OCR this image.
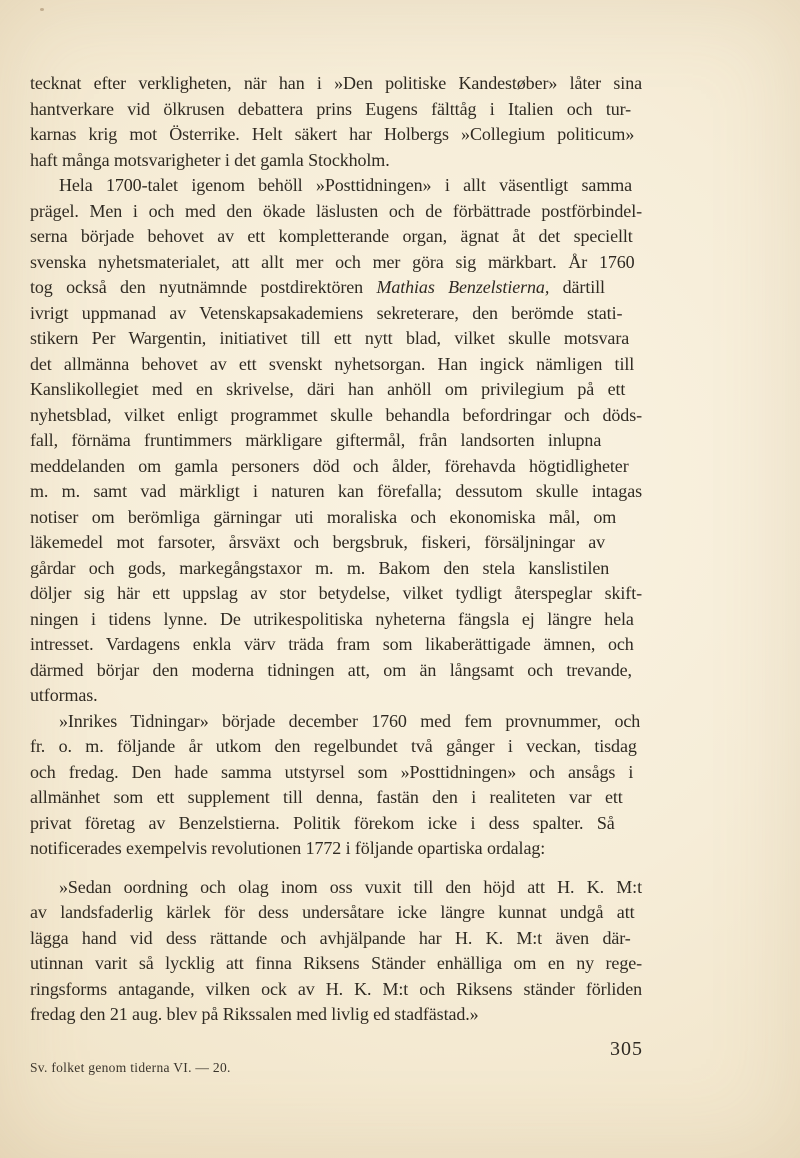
tecknat efter verkligheten, när han i »Den politiske Kandestøber» låter sina
hantverkare vid ölkrusen debattera prins Eugens fälttåg i Italien och tur-
karnas krig mot Österrike. Helt säkert har Holbergs »Collegium politicum»
haft många motsvarigheter i det gamla Stockholm.
Hela 1700-talet igenom behöll »Posttidningen» i allt väsentligt samma
prägel. Men i och med den ökade läslusten och de förbättrade postförbindel-
serna började behovet av ett kompletterande organ, ägnat åt det speciellt
svenska nyhetsmaterialet, att allt mer och mer göra sig märkbart. År 1760
tog också den nyutnämnde postdirektören Mathias Benzelstierna, därtill
ivrigt uppmanad av Vetenskapsakademiens sekreterare, den berömde stati-
stikern Per Wargentin, initiativet till ett nytt blad, vilket skulle motsvara
det allmänna behovet av ett svenskt nyhetsorgan. Han ingick nämligen till
Kanslikollegiet med en skrivelse, däri han anhöll om privilegium på ett
nyhetsblad, vilket enligt programmet skulle behandla befordringar och döds-
fall, förnäma fruntimmers märkligare giftermål, från landsorten inlupna
meddelanden om gamla personers död och ålder, förehavda högtidligheter
m. m. samt vad märkligt i naturen kan förefalla; dessutom skulle intagas
notiser om berömliga gärningar uti moraliska och ekonomiska mål, om
läkemedel mot farsoter, årsväxt och bergsbruk, fiskeri, försäljningar av
gårdar och gods, markegångstaxor m. m. Bakom den stela kanslistilen
döljer sig här ett uppslag av stor betydelse, vilket tydligt återspeglar skift-
ningen i tidens lynne. De utrikespolitiska nyheterna fängsla ej längre hela
intresset. Vardagens enkla värv träda fram som likaberättigade ämnen, och
därmed börjar den moderna tidningen att, om än långsamt och trevande,
utformas.
»Inrikes Tidningar» började december 1760 med fem provnummer, och
fr. o. m. följande år utkom den regelbundet två gånger i veckan, tisdag
och fredag. Den hade samma utstyrsel som »Posttidningen» och ansågs i
allmänhet som ett supplement till denna, fastän den i realiteten var ett
privat företag av Benzelstierna. Politik förekom icke i dess spalter. Så
notificerades exempelvis revolutionen 1772 i följande opartiska ordalag:
»Sedan oordning och olag inom oss vuxit till den höjd att H. K. M:t
av landsfaderlig kärlek för dess undersåtare icke längre kunnat undgå att
lägga hand vid dess rättande och avhjälpande har H. K. M:t även där-
utinnan varit så lycklig att finna Riksens Ständer enhälliga om en ny rege-
ringsforms antagande, vilken ock av H. K. M:t och Riksens ständer förliden
fredag den 21 aug. blev på Rikssalen med livlig ed stadfästad.»
305
Sv. folket genom tiderna VI. — 20.
